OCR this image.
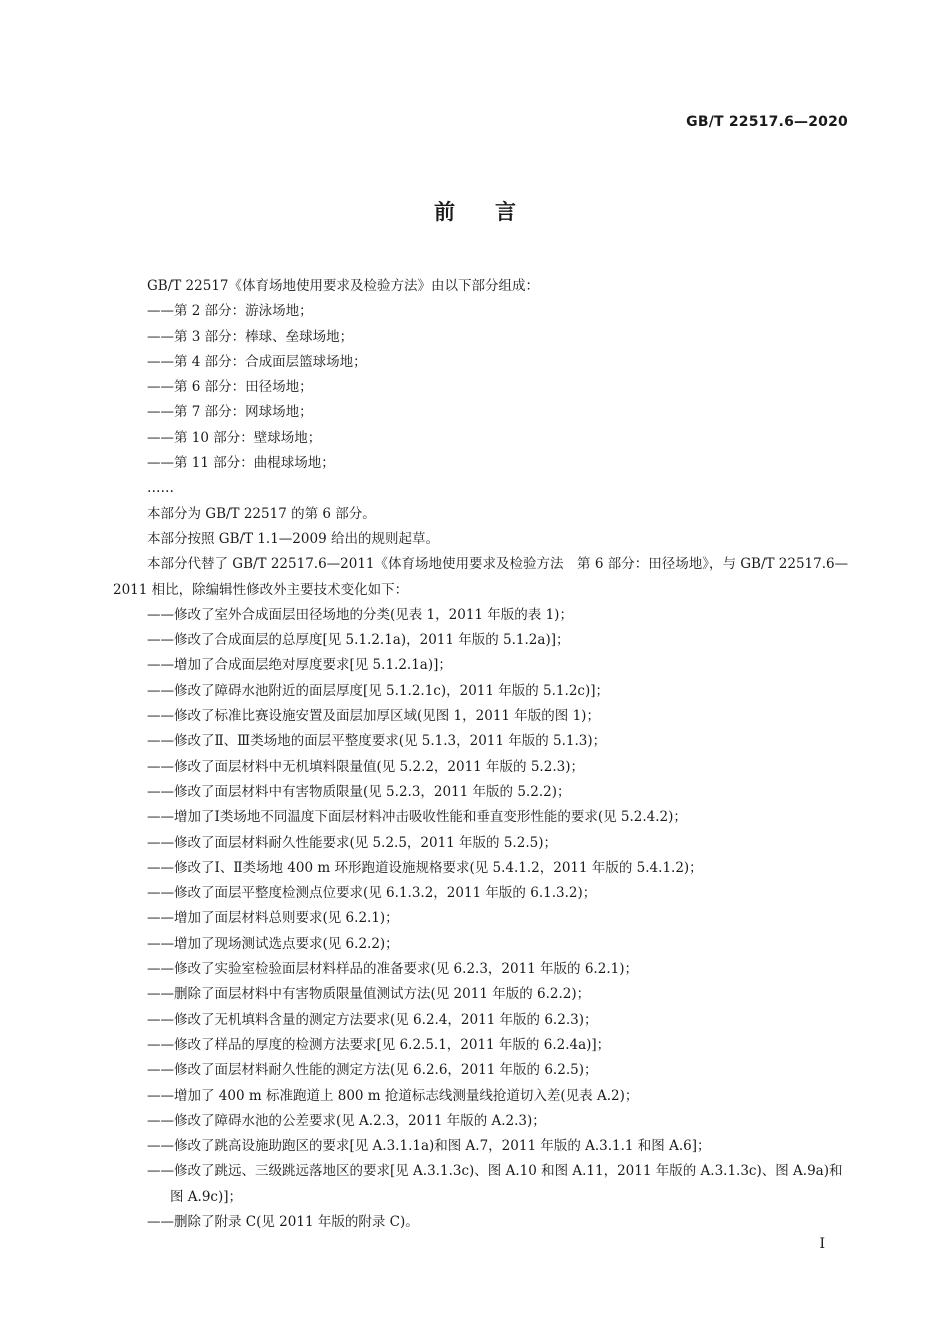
GB/T 22517.6—2020
前言

GB/T 22517《体育场地使用要求及检验方法》由以下部分组成：

——第 2 部分：游泳场地；

——第 3 部分：棒球、垒球场地；

——第 4 部分：合成面层篮球场地；

——第 6 部分：田径场地；

——第 7 部分：网球场地；

——第 10 部分：壁球场地；

——第 11 部分：曲棍球场地；

……

本部分为 GB/T 22517 的第 6 部分。

本部分按照 GB/T 1.1—2009 给出的规则起草。

本部分代替了 GB/T 22517.6—2011《体育场地使用要求及检验方法　第 6 部分：田径场地》，与 GB/T 22517.6—2011 相比，除编辑性修改外主要技术变化如下：

——修改了室外合成面层田径场地的分类(见表 1，2011 年版的表 1)；

——修改了合成面层的总厚度[见 5.1.2.1a)，2011 年版的 5.1.2a)]；

——增加了合成面层绝对厚度要求[见 5.1.2.1a)]；

——修改了障碍水池附近的面层厚度[见 5.1.2.1c)，2011 年版的 5.1.2c)]；

——修改了标准比赛设施安置及面层加厚区域(见图 1，2011 年版的图 1)；

——修改了Ⅱ、Ⅲ类场地的面层平整度要求(见 5.1.3，2011 年版的 5.1.3)；

——修改了面层材料中无机填料限量值(见 5.2.2，2011 年版的 5.2.3)；

——修改了面层材料中有害物质限量(见 5.2.3，2011 年版的 5.2.2)；

——增加了Ⅰ类场地不同温度下面层材料冲击吸收性能和垂直变形性能的要求(见 5.2.4.2)；

——修改了面层材料耐久性能要求(见 5.2.5，2011 年版的 5.2.5)；

——修改了Ⅰ、Ⅱ类场地 400 m 环形跑道设施规格要求(见 5.4.1.2，2011 年版的 5.4.1.2)；

——修改了面层平整度检测点位要求(见 6.1.3.2，2011 年版的 6.1.3.2)；

——增加了面层材料总则要求(见 6.2.1)；

——增加了现场测试选点要求(见 6.2.2)；

——修改了实验室检验面层材料样品的准备要求(见 6.2.3，2011 年版的 6.2.1)；

——删除了面层材料中有害物质限量值测试方法(见 2011 年版的 6.2.2)；

——修改了无机填料含量的测定方法要求(见 6.2.4，2011 年版的 6.2.3)；

——修改了样品的厚度的检测方法要求[见 6.2.5.1，2011 年版的 6.2.4a)]；

——修改了面层材料耐久性能的测定方法(见 6.2.6，2011 年版的 6.2.5)；

——增加了 400 m 标准跑道上 800 m 抢道标志线测量线抢道切入差(见表 A.2)；

——修改了障碍水池的公差要求(见 A.2.3，2011 年版的 A.2.3)；

——修改了跳高设施助跑区的要求[见 A.3.1.1a)和图 A.7，2011 年版的 A.3.1.1 和图 A.6]；

——修改了跳远、三级跳远落地区的要求[见 A.3.1.3c)、图 A.10 和图 A.11，2011 年版的 A.3.1.3c)、图 A.9a)和图 A.9c)]；

——删除了附录 C(见 2011 年版的附录 C)。

Ⅰ
